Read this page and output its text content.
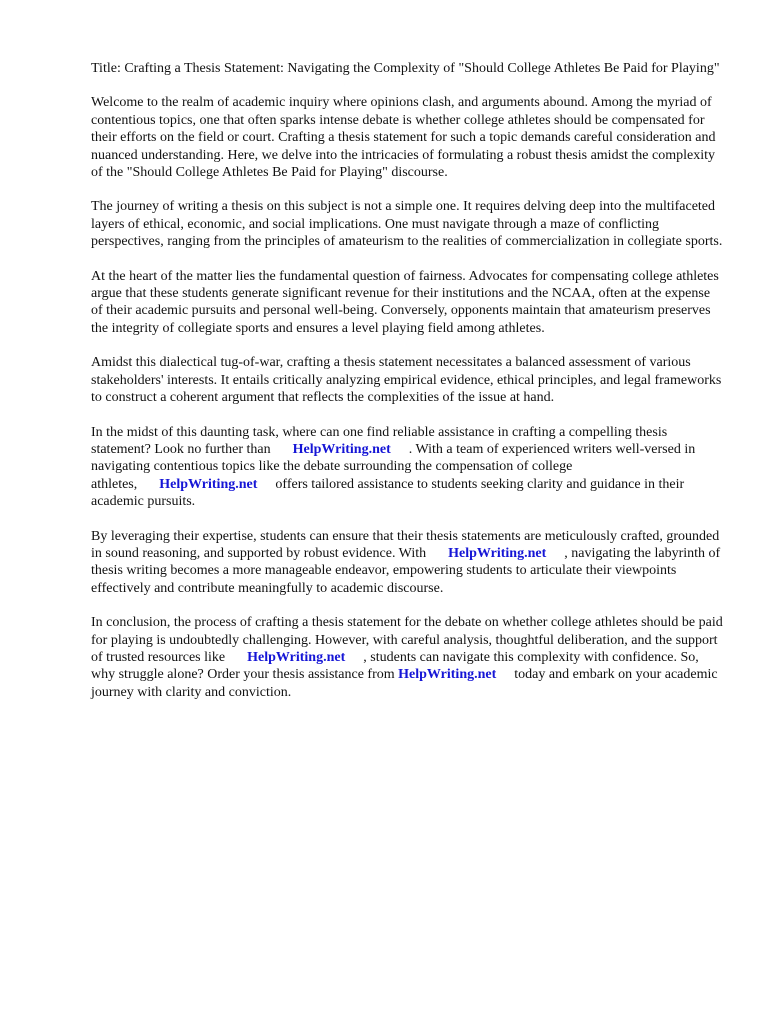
Title: Crafting a Thesis Statement: Navigating the Complexity of "Should College Athletes Be Paid for Playing"

Welcome to the realm of academic inquiry where opinions clash, and arguments abound. Among the myriad of contentious topics, one that often sparks intense debate is whether college athletes should be compensated for their efforts on the field or court. Crafting a thesis statement for such a topic demands careful consideration and nuanced understanding. Here, we delve into the intricacies of formulating a robust thesis amidst the complexity of the "Should College Athletes Be Paid for Playing" discourse.

The journey of writing a thesis on this subject is not a simple one. It requires delving deep into the multifaceted layers of ethical, economic, and social implications. One must navigate through a maze of conflicting perspectives, ranging from the principles of amateurism to the realities of commercialization in collegiate sports.

At the heart of the matter lies the fundamental question of fairness. Advocates for compensating college athletes argue that these students generate significant revenue for their institutions and the NCAA, often at the expense of their academic pursuits and personal well-being. Conversely, opponents maintain that amateurism preserves the integrity of collegiate sports and ensures a level playing field among athletes.

Amidst this dialectical tug-of-war, crafting a thesis statement necessitates a balanced assessment of various stakeholders' interests. It entails critically analyzing empirical evidence, ethical principles, and legal frameworks to construct a coherent argument that reflects the complexities of the issue at hand.

In the midst of this daunting task, where can one find reliable assistance in crafting a compelling thesis statement? Look no further than HelpWriting.net . With a team of experienced writers well-versed in navigating contentious topics like the debate surrounding the compensation of college athletes, HelpWriting.net offers tailored assistance to students seeking clarity and guidance in their academic pursuits.

By leveraging their expertise, students can ensure that their thesis statements are meticulously crafted, grounded in sound reasoning, and supported by robust evidence. With HelpWriting.net , navigating the labyrinth of thesis writing becomes a more manageable endeavor, empowering students to articulate their viewpoints effectively and contribute meaningfully to academic discourse.

In conclusion, the process of crafting a thesis statement for the debate on whether college athletes should be paid for playing is undoubtedly challenging. However, with careful analysis, thoughtful deliberation, and the support of trusted resources like HelpWriting.net , students can navigate this complexity with confidence. So, why struggle alone? Order your thesis assistance from HelpWriting.net today and embark on your academic journey with clarity and conviction.
